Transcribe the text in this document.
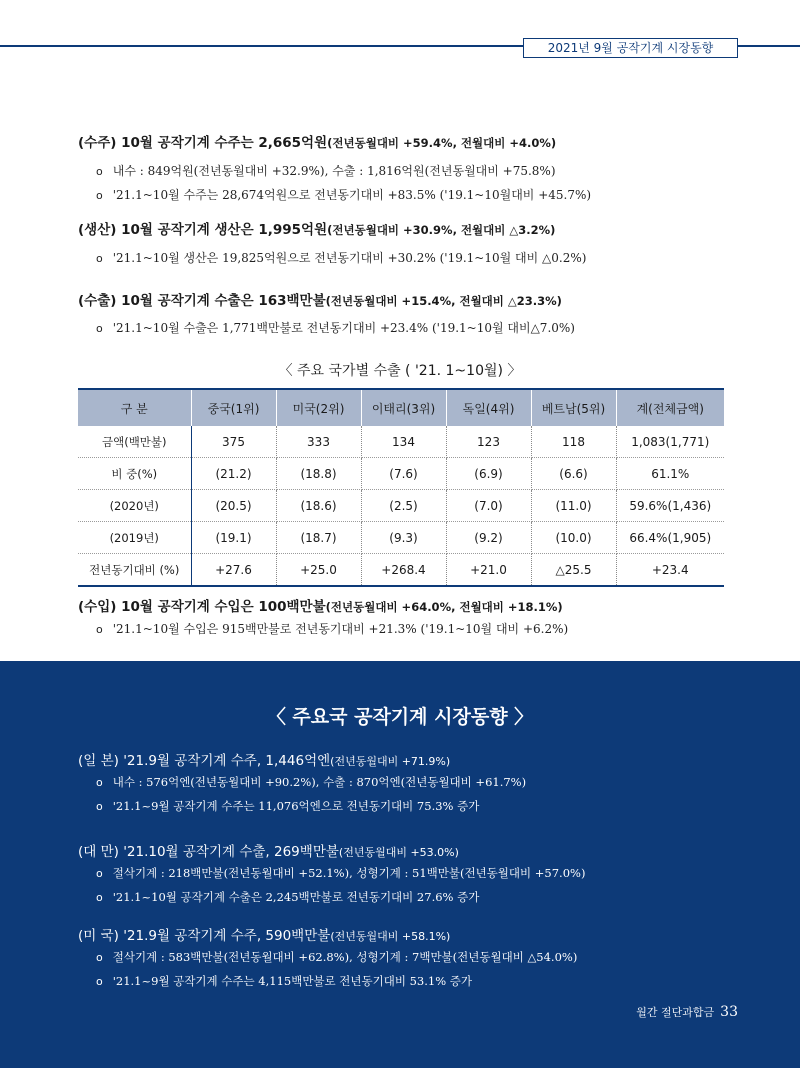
2021년 9월 공작기계 시장동향
(수주) 10월 공작기계 수주는 2,665억원(전년동월대비 +59.4%, 전월대비 +4.0%)
o 내수 : 849억원(전년동월대비 +32.9%), 수출 : 1,816억원(전년동월대비 +75.8%)
o '21.1~10월 수주는 28,674억원으로 전년동기대비 +83.5% ('19.1~10월대비 +45.7%)
(생산) 10월 공작기계 생산은 1,995억원(전년동월대비 +30.9%, 전월대비 △3.2%)
o '21.1~10월 생산은 19,825억원으로 전년동기대비 +30.2% ('19.1~10월 대비 △0.2%)
(수출) 10월 공작기계 수출은 163백만불(전년동월대비 +15.4%, 전월대비 △23.3%)
o '21.1~10월 수출은 1,771백만불로 전년동기대비 +23.4% ('19.1~10월 대비△7.0%)
〈 주요 국가별 수출 ( '21. 1~10월) 〉
구 분	중국(1위)	미국(2위)	이태리(3위)	독일(4위)	베트남(5위)	계(전체금액)
금액(백만불)	375	333	134	123	118	1,083(1,771)
비 중(%)	(21.2)	(18.8)	(7.6)	(6.9)	(6.6)	61.1%
(2020년)	(20.5)	(18.6)	(2.5)	(7.0)	(11.0)	59.6%(1,436)
(2019년)	(19.1)	(18.7)	(9.3)	(9.2)	(10.0)	66.4%(1,905)
전년동기대비 (%)	+27.6	+25.0	+268.4	+21.0	△25.5	+23.4
(수입) 10월 공작기계 수입은 100백만불(전년동월대비 +64.0%, 전월대비 +18.1%)
o '21.1~10월 수입은 915백만불로 전년동기대비 +21.3% ('19.1~10월 대비 +6.2%)
〈 주요국 공작기계 시장동향 〉
(일 본) '21.9월 공작기계 수주, 1,446억엔(전년동월대비 +71.9%)
o 내수 : 576억엔(전년동월대비 +90.2%), 수출 : 870억엔(전년동월대비 +61.7%)
o '21.1~9월 공작기계 수주는 11,076억엔으로 전년동기대비 75.3% 증가
(대 만) '21.10월 공작기계 수출, 269백만불(전년동월대비 +53.0%)
o 절삭기계 : 218백만불(전년동월대비 +52.1%), 성형기계 : 51백만불(전년동월대비 +57.0%)
o '21.1~10월 공작기계 수출은 2,245백만불로 전년동기대비 27.6% 증가
(미 국) '21.9월 공작기계 수주, 590백만불(전년동월대비 +58.1%)
o 절삭기계 : 583백만불(전년동월대비 +62.8%), 성형기계 : 7백만불(전년동월대비 △54.0%)
o '21.1~9월 공작기계 수주는 4,115백만불로 전년동기대비 53.1% 증가
월간 절단과합금 33
